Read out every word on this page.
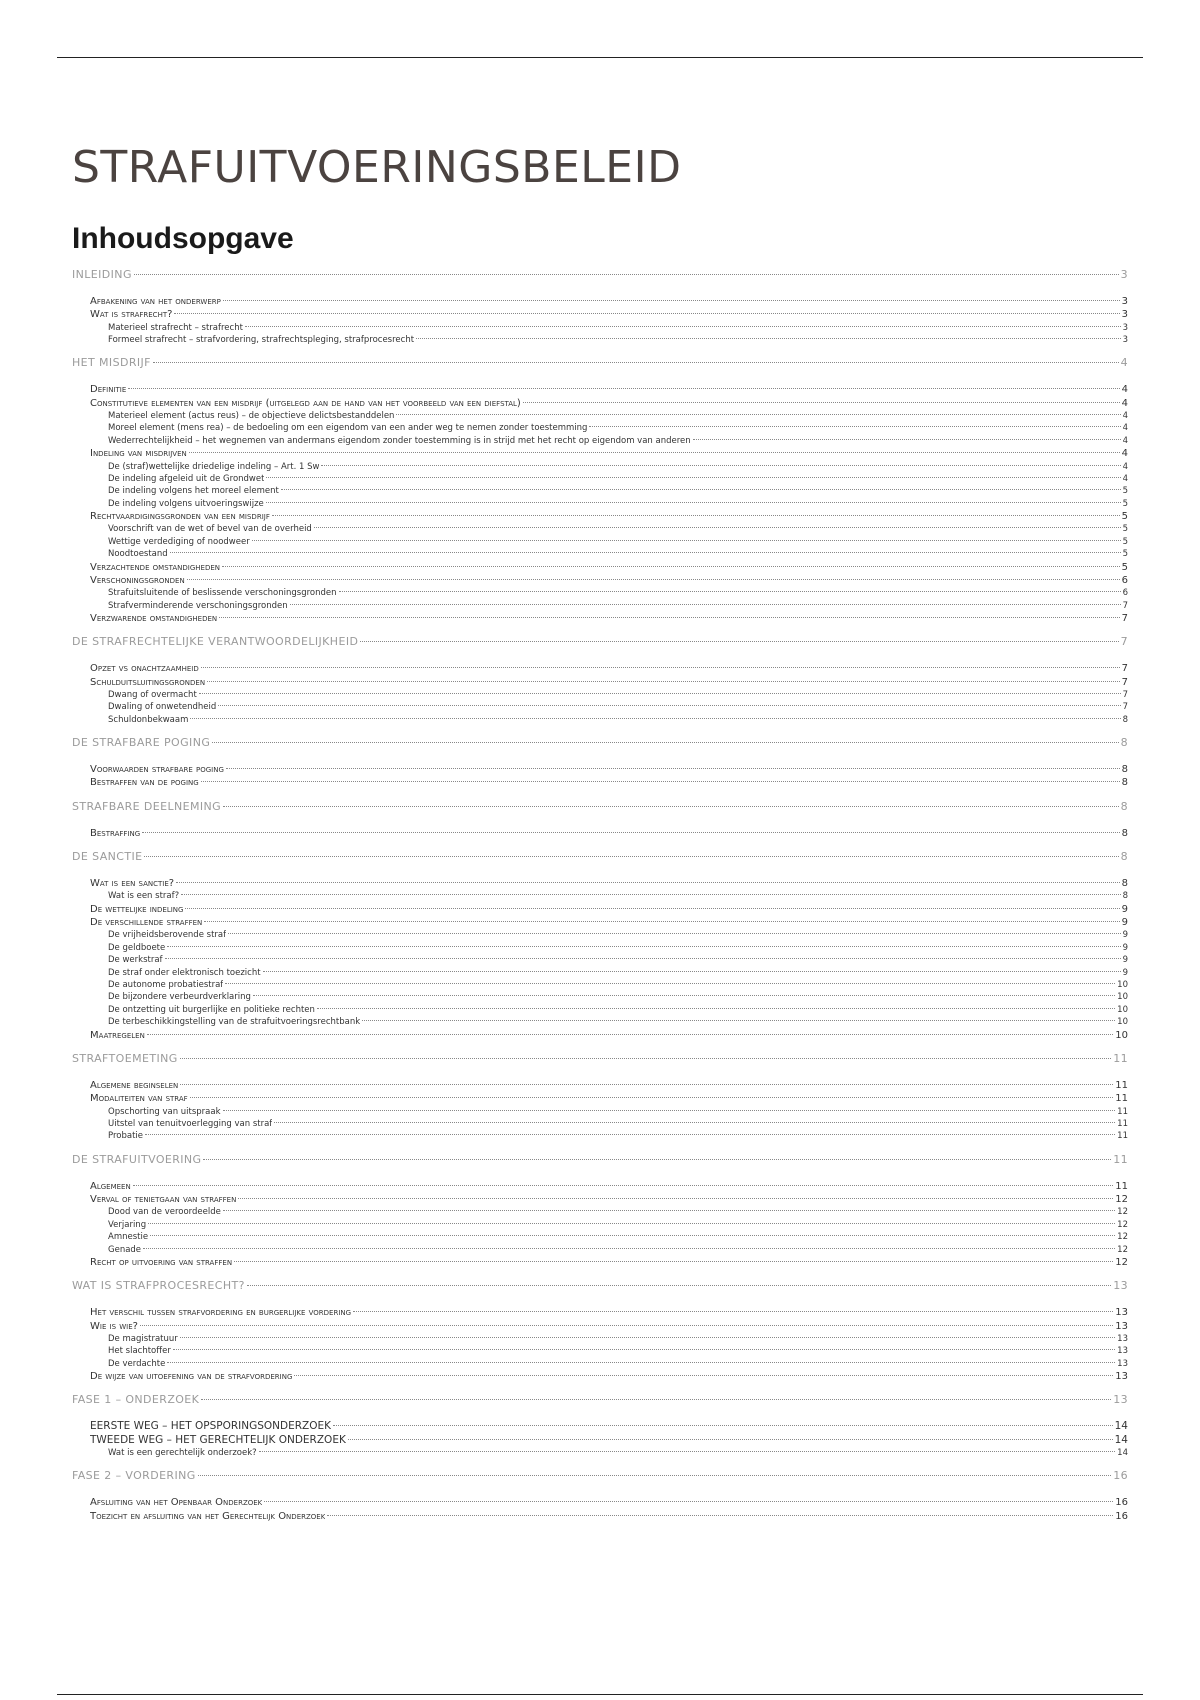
STRAFUITVOERINGSBELEID
Inhoudsopgave
INLEIDING	3
Afbakening van het onderwerp	3
Wat is strafrecht?	3
Materieel strafrecht – strafrecht	3
Formeel strafrecht – strafvordering, strafrechtspleging, strafprocesrecht	3
HET MISDRIJF	4
Definitie	4
Constitutieve elementen van een misdrijf (uitgelegd aan de hand van het voorbeeld van een diefstal)	4
Materieel element (actus reus) – de objectieve delictsbestanddelen	4
Moreel element (mens rea) – de bedoeling om een eigendom van een ander weg te nemen zonder toestemming	4
Wederrechtelijkheid – het wegnemen van andermans eigendom zonder toestemming is in strijd met het recht op eigendom van anderen	4
Indeling van misdrijven	4
De (straf)wettelijke driedelige indeling – Art. 1 Sw	4
De indeling afgeleid uit de Grondwet	4
De indeling volgens het moreel element	5
De indeling volgens uitvoeringswijze	5
Rechtvaardigingsgronden van een misdrijf	5
Voorschrift van de wet of bevel van de overheid	5
Wettige verdediging of noodweer	5
Noodtoestand	5
Verzachtende omstandigheden	5
Verschoningsgronden	6
Strafuitsluitende of beslissende verschoningsgronden	6
Strafverminderende verschoningsgronden	7
Verzwarende omstandigheden	7
DE STRAFRECHTELIJKE VERANTWOORDELIJKHEID	7
Opzet vs onachtzaamheid	7
Schulduitsluitingsgronden	7
Dwang of overmacht	7
Dwaling of onwetendheid	7
Schuldonbekwaam	8
DE STRAFBARE POGING	8
Voorwaarden strafbare poging	8
Bestraffen van de poging	8
STRAFBARE DEELNEMING	8
Bestraffing	8
DE SANCTIE	8
Wat is een sanctie?	8
Wat is een straf?	8
De wettelijke indeling	9
De verschillende straffen	9
De vrijheidsberovende straf	9
De geldboete	9
De werkstraf	9
De straf onder elektronisch toezicht	9
De autonome probatiestraf	10
De bijzondere verbeurdverklaring	10
De ontzetting uit burgerlijke en politieke rechten	10
De terbeschikkingstelling van de strafuitvoeringsrechtbank	10
Maatregelen	10
STRAFTOEMETING	11
Algemene beginselen	11
Modaliteiten van straf	11
Opschorting van uitspraak	11
Uitstel van tenuitvoerlegging van straf	11
Probatie	11
DE STRAFUITVOERING	11
Algemeen	11
Verval of tenietgaan van straffen	12
Dood van de veroordeelde	12
Verjaring	12
Amnestie	12
Genade	12
Recht op uitvoering van straffen	12
WAT IS STRAFPROCESRECHT?	13
Het verschil tussen strafvordering en burgerlijke vordering	13
Wie is wie?	13
De magistratuur	13
Het slachtoffer	13
De verdachte	13
De wijze van uitoefening van de strafvordering	13
FASE 1 – ONDERZOEK	13
EERSTE WEG – HET OPSPORINGSONDERZOEK	14
TWEEDE WEG – HET GERECHTELIJK ONDERZOEK	14
Wat is een gerechtelijk onderzoek?	14
FASE 2 – VORDERING	16
Afsluiting van het Openbaar Onderzoek	16
Toezicht en afsluiting van het Gerechtelijk Onderzoek	16
